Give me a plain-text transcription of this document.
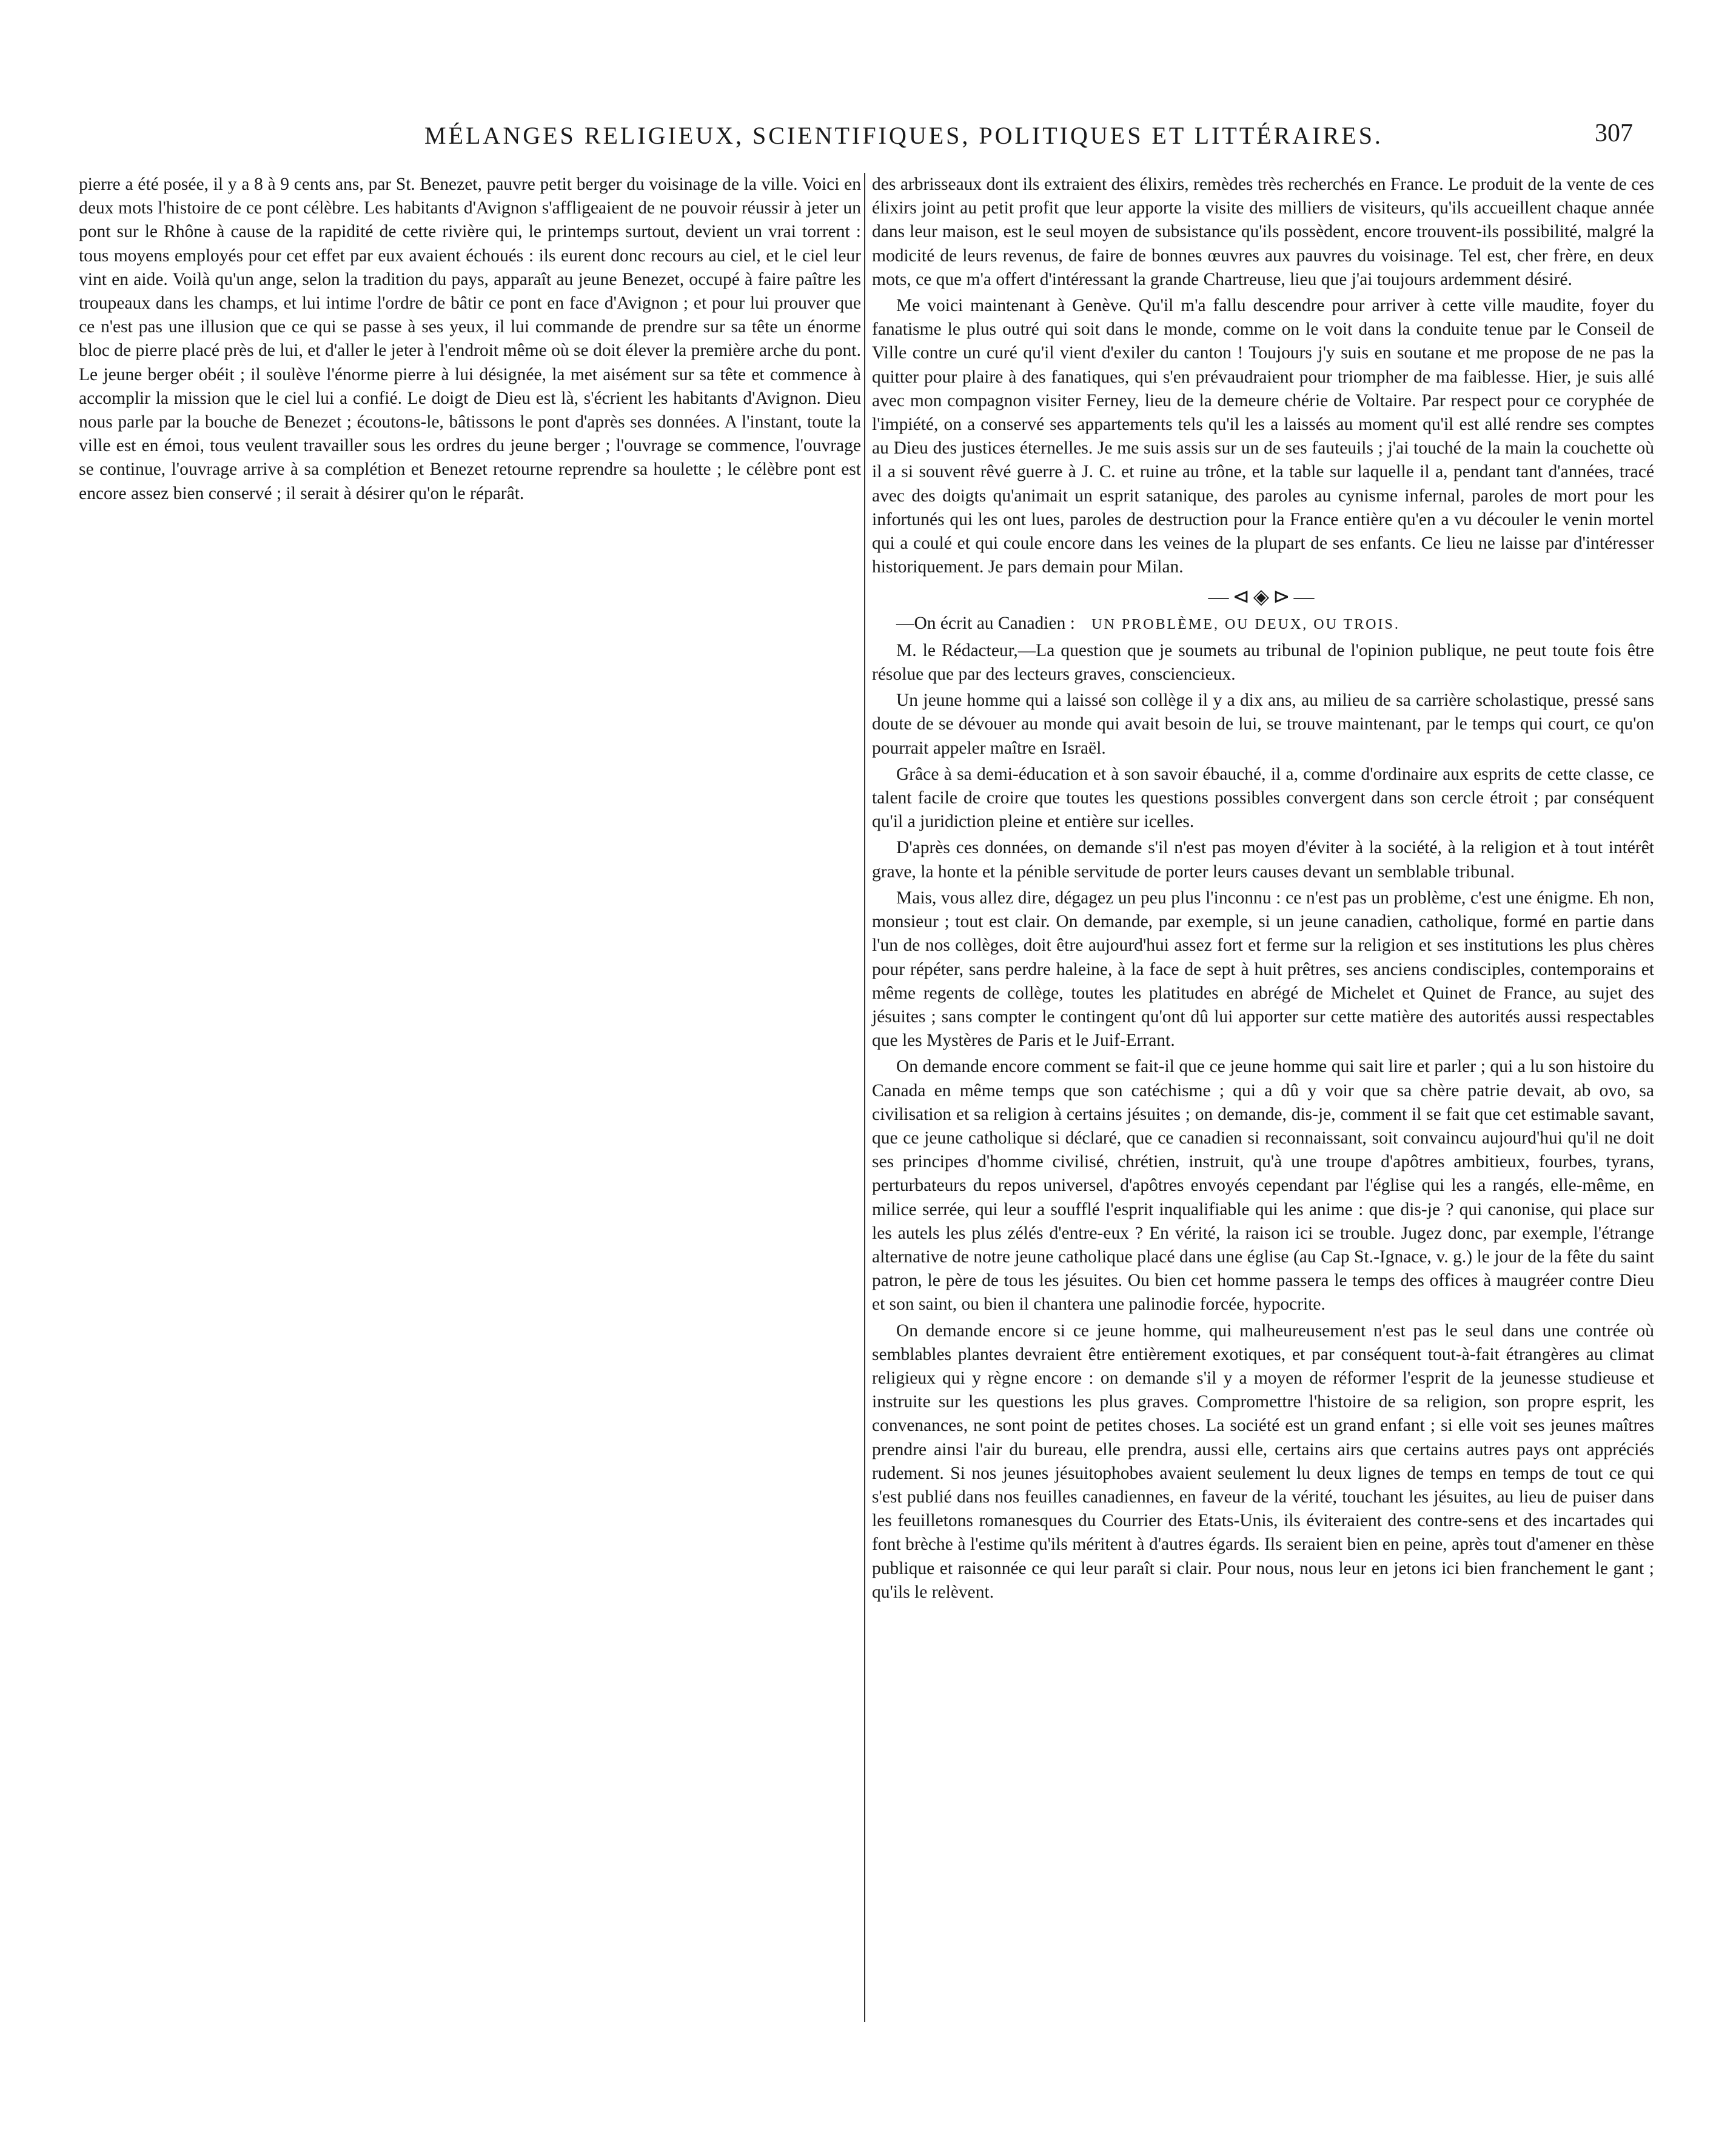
MÉLANGES RELIGIEUX, SCIENTIFIQUES, POLITIQUES ET LITTÉRAIRES.	307

pierre a été posée, il y a 8 à 9 cents ans, par St. Benezet, pauvre petit berger du voisinage de la ville. Voici en deux mots l'histoire de ce pont célèbre. Les habitants d'Avignon s'affligeaient de ne pouvoir réussir à jeter un pont sur le Rhône à cause de la rapidité de cette rivière qui, le printemps surtout, devient un vrai torrent : tous moyens employés pour cet effet par eux avaient échoués : ils eurent donc recours au ciel, et le ciel leur vint en aide. Voilà qu'un ange, selon la tradition du pays, apparaît au jeune Benezet, occupé à faire paître les troupeaux dans les champs, et lui intime l'ordre de bâtir ce pont en face d'Avignon ; et pour lui prouver que ce n'est pas une illusion que ce qui se passe à ses yeux, il lui commande de prendre sur sa tête un énorme bloc de pierre placé près de lui, et d'aller le jeter à l'endroit même où se doit élever la première arche du pont. Le jeune berger obéit ; il soulève l'énorme pierre à lui désignée, la met aisément sur sa tête et commence à accomplir la mission que le ciel lui a confié. Le doigt de Dieu est là, s'écrient les habitants d'Avignon. Dieu nous parle par la bouche de Benezet ; écoutons-le, bâtissons le pont d'après ses données. A l'instant, toute la ville est en émoi, tous veulent travailler sous les ordres du jeune berger ; l'ouvrage se commence, l'ouvrage se continue, l'ouvrage arrive à sa complétion et Benezet retourne reprendre sa houlette ; le célèbre pont est encore assez bien conservé ; il serait à désirer qu'on le réparât.

des arbrisseaux dont ils extraient des élixirs, remèdes très recherchés en France. Le produit de la vente de ces élixirs joint au petit profit que leur apporte la visite des milliers de visiteurs, qu'ils accueillent chaque année dans leur maison, est le seul moyen de subsistance qu'ils possèdent, encore trouvent-ils possibilité, malgré la modicité de leurs revenus, de faire de bonnes œuvres aux pauvres du voisinage. Tel est, cher frère, en deux mots, ce que m'a offert d'intéressant la grande Chartreuse, lieu que j'ai toujours ardemment désiré.

Me voici maintenant à Genève. Qu'il m'a fallu descendre pour arriver à cette ville maudite, foyer du fanatisme le plus outré qui soit dans le monde, comme on le voit dans la conduite tenue par le Conseil de Ville contre un curé qu'il vient d'exiler du canton ! Toujours j'y suis en soutane et me propose de ne pas la quitter pour plaire à des fanatiques, qui s'en prévaudraient pour triompher de ma faiblesse. Hier, je suis allé avec mon compagnon visiter Ferney, lieu de la demeure chérie de Voltaire. Par respect pour ce coryphée de l'impiété, on a conservé ses appartements tels qu'il les a laissés au moment qu'il est allé rendre ses comptes au Dieu des justices éternelles. Je me suis assis sur un de ses fauteuils ; j'ai touché de la main la couchette où il a si souvent rêvé guerre à J. C. et ruine au trône, et la table sur laquelle il a, pendant tant d'années, tracé avec des doigts qu'animait un esprit satanique, des paroles au cynisme infernal, paroles de mort pour les infortunés qui les ont lues, paroles de destruction pour la France entière qu'en a vu découler le venin mortel qui a coulé et qui coule encore dans les veines de la plupart de ses enfants. Ce lieu ne laisse par d'intéresser historiquement. Je pars demain pour Milan.

—⊲◈⊳—

—On écrit au Canadien : UN PROBLÈME, OU DEUX, OU TROIS.

M. le Rédacteur,—La question que je soumets au tribunal de l'opinion publique, ne peut toute fois être résolue que par des lecteurs graves, consciencieux.

Un jeune homme qui a laissé son collège il y a dix ans, au milieu de sa carrière scholastique, pressé sans doute de se dévouer au monde qui avait besoin de lui, se trouve maintenant, par le temps qui court, ce qu'on pourrait appeler maître en Israël.

Grâce à sa demi-éducation et à son savoir ébauché, il a, comme d'ordinaire aux esprits de cette classe, ce talent facile de croire que toutes les questions possibles convergent dans son cercle étroit ; par conséquent qu'il a juridiction pleine et entière sur icelles.

D'après ces données, on demande s'il n'est pas moyen d'éviter à la société, à la religion et à tout intérêt grave, la honte et la pénible servitude de porter leurs causes devant un semblable tribunal.

Mais, vous allez dire, dégagez un peu plus l'inconnu : ce n'est pas un problème, c'est une énigme. Eh non, monsieur ; tout est clair. On demande, par exemple, si un jeune canadien, catholique, formé en partie dans l'un de nos collèges, doit être aujourd'hui assez fort et ferme sur la religion et ses institutions les plus chères pour répéter, sans perdre haleine, à la face de sept à huit prêtres, ses anciens condisciples, contemporains et même regents de collège, toutes les platitudes en abrégé de Michelet et Quinet de France, au sujet des jésuites ; sans compter le contingent qu'ont dû lui apporter sur cette matière des autorités aussi respectables que les Mystères de Paris et le Juif-Errant.

On demande encore comment se fait-il que ce jeune homme qui sait lire et parler ; qui a lu son histoire du Canada en même temps que son catéchisme ; qui a dû y voir que sa chère patrie devait, ab ovo, sa civilisation et sa religion à certains jésuites ; on demande, dis-je, comment il se fait que cet estimable savant, que ce jeune catholique si déclaré, que ce canadien si reconnaissant, soit convaincu aujourd'hui qu'il ne doit ses principes d'homme civilisé, chrétien, instruit, qu'à une troupe d'apôtres ambitieux, fourbes, tyrans, perturbateurs du repos universel, d'apôtres envoyés cependant par l'église qui les a rangés, elle-même, en milice serrée, qui leur a soufflé l'esprit inqualifiable qui les anime : que dis-je ? qui canonise, qui place sur les autels les plus zélés d'entre-eux ? En vérité, la raison ici se trouble. Jugez donc, par exemple, l'étrange alternative de notre jeune catholique placé dans une église (au Cap St.-Ignace, v. g.) le jour de la fête du saint patron, le père de tous les jésuites. Ou bien cet homme passera le temps des offices à maugréer contre Dieu et son saint, ou bien il chantera une palinodie forcée, hypocrite.

On demande encore si ce jeune homme, qui malheureusement n'est pas le seul dans une contrée où semblables plantes devraient être entièrement exotiques, et par conséquent tout-à-fait étrangères au climat religieux qui y règne encore : on demande s'il y a moyen de réformer l'esprit de la jeunesse studieuse et instruite sur les questions les plus graves. Compromettre l'histoire de sa religion, son propre esprit, les convenances, ne sont point de petites choses. La société est un grand enfant ; si elle voit ses jeunes maîtres prendre ainsi l'air du bureau, elle prendra, aussi elle, certains airs que certains autres pays ont appréciés rudement. Si nos jeunes jésuitophobes avaient seulement lu deux lignes de temps en temps de tout ce qui s'est publié dans nos feuilles canadiennes, en faveur de la vérité, touchant les jésuites, au lieu de puiser dans les feuilletons romanesques du Courrier des Etats-Unis, ils éviteraient des contre-sens et des incartades qui font brèche à l'estime qu'ils méritent à d'autres égards. Ils seraient bien en peine, après tout d'amener en thèse publique et raisonnée ce qui leur paraît si clair. Pour nous, nous leur en jetons ici bien franchement le gant ; qu'ils le relèvent.
